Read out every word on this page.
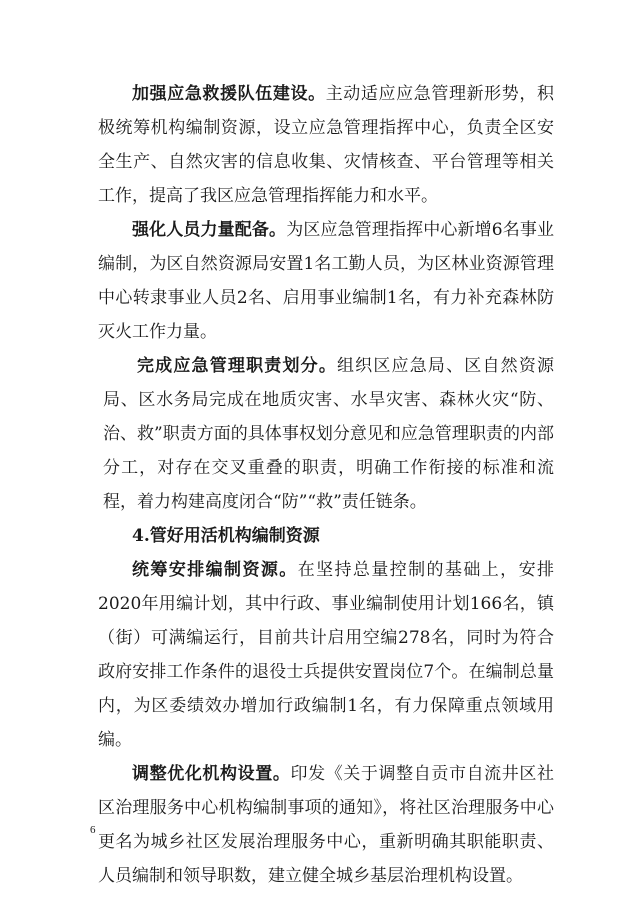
加强应急救援队伍建设。主动适应应急管理新形势，积极统筹机构编制资源，设立应急管理指挥中心，负责全区安全生产、自然灾害的信息收集、灾情核查、平台管理等相关工作，提高了我区应急管理指挥能力和水平。

强化人员力量配备。为区应急管理指挥中心新增6名事业编制，为区自然资源局安置1名工勤人员，为区林业资源管理中心转隶事业人员2名、启用事业编制1名，有力补充森林防灭火工作力量。

完成应急管理职责划分。组织区应急局、区自然资源局、区水务局完成在地质灾害、水旱灾害、森林火灾“防、治、救”职责方面的具体事权划分意见和应急管理职责的内部分工，对存在交叉重叠的职责，明确工作衔接的标准和流程，着力构建高度闭合“防”“救”责任链条。

4.管好用活机构编制资源

统筹安排编制资源。在坚持总量控制的基础上，安排2020年用编计划，其中行政、事业编制使用计划166名，镇（街）可满编运行，目前共计启用空编278名，同时为符合政府安排工作条件的退役士兵提供安置岗位7个。在编制总量内，为区委绩效办增加行政编制1名，有力保障重点领域用编。

调整优化机构设置。印发《关于调整自贡市自流井区社区治理服务中心机构编制事项的通知》，将社区治理服务中心更名为城乡社区发展治理服务中心，重新明确其职能职责、人员编制和领导职数，建立健全城乡基层治理机构设置。

6
